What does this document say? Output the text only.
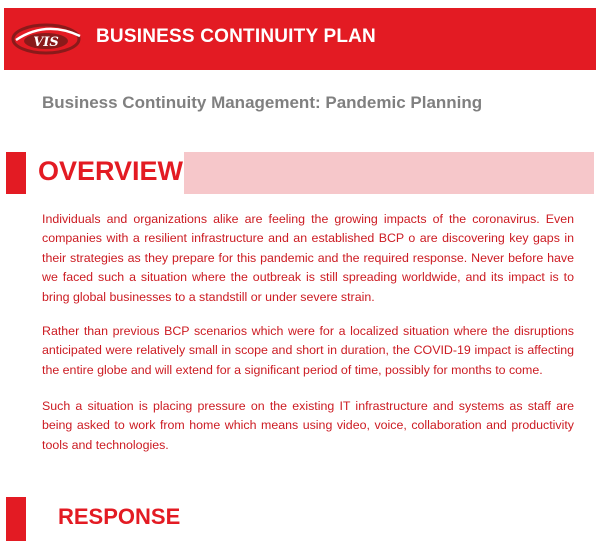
VIS BUSINESS CONTINUITY PLAN
Business Continuity Management: Pandemic Planning
OVERVIEW

Individuals and organizations alike are feeling the growing impacts of the coronavirus. Even companies with a resilient infrastructure and an established BCP o are discovering key gaps in their strategies as they prepare for this pandemic and the required response. Never before have we faced such a situation where the outbreak is still spreading worldwide, and its impact is to bring global businesses to a standstill or under severe strain.

Rather than previous BCP scenarios which were for a localized situation where the disruptions anticipated were relatively small in scope and short in duration, the COVID-19 impact is affecting the entire globe and will extend for a significant period of time, possibly for months to come.

Such a situation is placing pressure on the existing IT infrastructure and systems as staff are being asked to work from home which means using video, voice, collaboration and productivity tools and technologies.

RESPONSE
